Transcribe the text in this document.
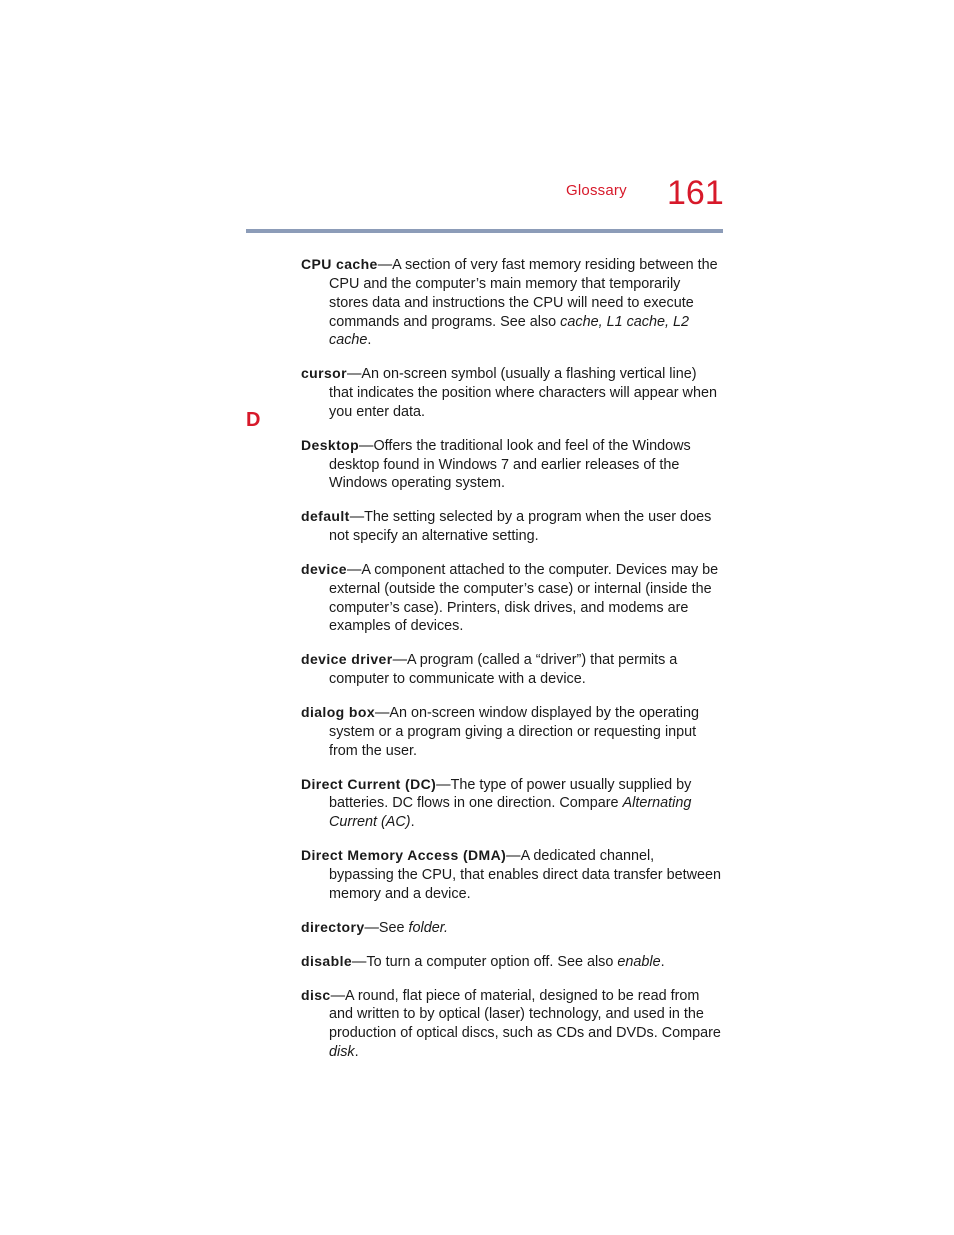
Glossary 161
D

CPU cache—A section of very fast memory residing between the CPU and the computer’s main memory that temporarily stores data and instructions the CPU will need to execute commands and programs. See also cache, L1 cache, L2 cache.

cursor—An on-screen symbol (usually a flashing vertical line) that indicates the position where characters will appear when you enter data.

Desktop—Offers the traditional look and feel of the Windows desktop found in Windows 7 and earlier releases of the Windows operating system.

default—The setting selected by a program when the user does not specify an alternative setting.

device—A component attached to the computer. Devices may be external (outside the computer’s case) or internal (inside the computer’s case). Printers, disk drives, and modems are examples of devices.

device driver—A program (called a “driver”) that permits a computer to communicate with a device.

dialog box—An on-screen window displayed by the operating system or a program giving a direction or requesting input from the user.

Direct Current (DC)—The type of power usually supplied by batteries. DC flows in one direction. Compare Alternating Current (AC).

Direct Memory Access (DMA)—A dedicated channel, bypassing the CPU, that enables direct data transfer between memory and a device.

directory—See folder.

disable—To turn a computer option off. See also enable.

disc—A round, flat piece of material, designed to be read from and written to by optical (laser) technology, and used in the production of optical discs, such as CDs and DVDs. Compare disk.
